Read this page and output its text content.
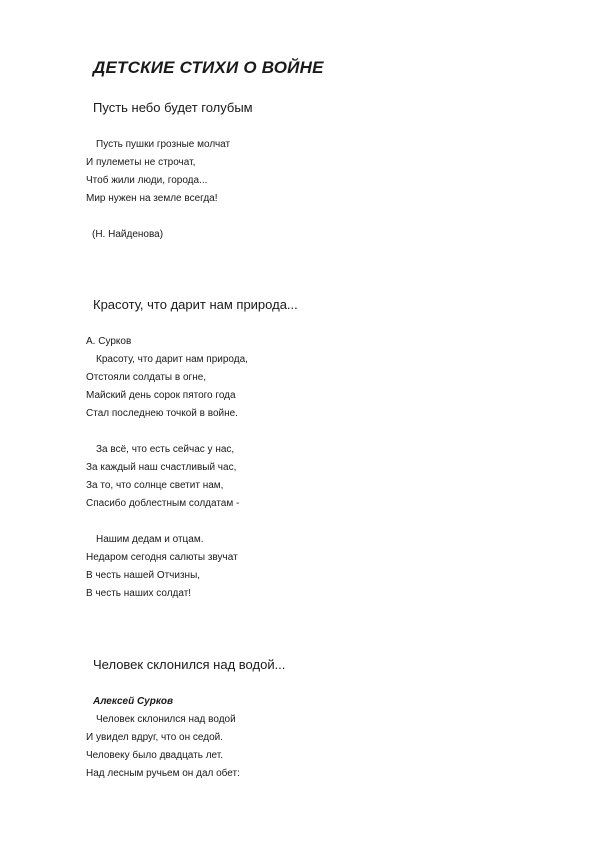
ДЕТСКИЕ СТИХИ О ВОЙНЕ
Пусть небо будет голубым
Пусть пушки грозные молчат
И пулеметы не строчат,
Чтоб жили люди, города...
Мир нужен на земле всегда!
(Н. Найденова)
Красоту, что дарит нам природа...
А. Сурков
Красоту, что дарит нам природа,
Отстояли солдаты в огне,
Майский день сорок пятого года
Стал последнею точкой в войне.
За всё, что есть сейчас у нас,
За каждый наш счастливый час,
За то, что солнце светит нам,
Спасибо доблестным солдатам -
Нашим дедам и отцам.
Недаром сегодня салюты звучат
В честь нашей Отчизны,
В честь наших солдат!
Человек склонился над водой...
Алексей Сурков
Человек склонился над водой
И увидел вдруг, что он седой.
Человеку было двадцать лет.
Над лесным ручьем он дал обет:
